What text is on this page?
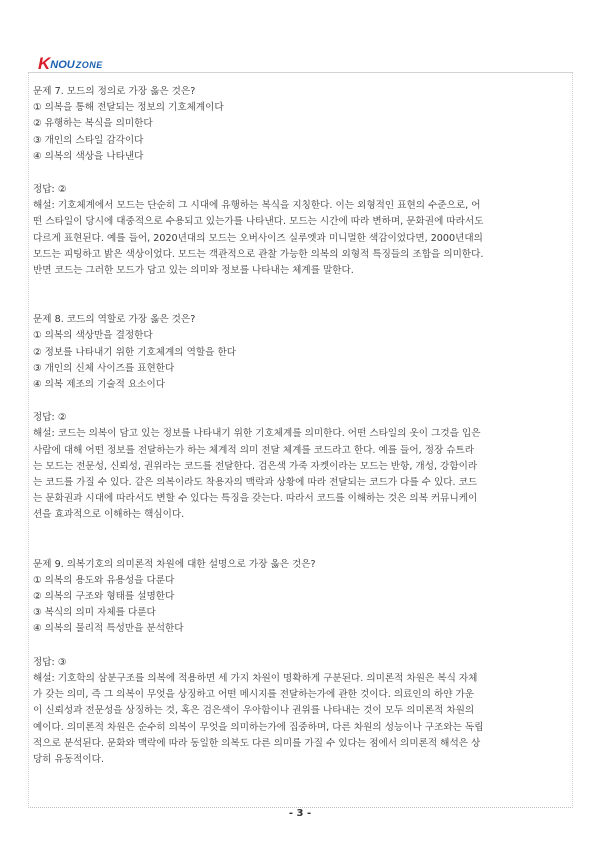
K NOU ZONE
문제 7. 모드의 정의로 가장 옳은 것은?
① 의복을 통해 전달되는 정보의 기호체계이다
② 유행하는 복식을 의미한다
③ 개인의 스타일 감각이다
④ 의복의 색상을 나타낸다
정답: ②
해설: 기호체계에서 모드는 단순히 그 시대에 유행하는 복식을 지칭한다. 이는 외형적인 표현의 수준으로, 어
떤 스타일이 당시에 대중적으로 수용되고 있는가를 나타낸다. 모드는 시간에 따라 변하며, 문화권에 따라서도
다르게 표현된다. 예를 들어, 2020년대의 모드는 오버사이즈 실루엣과 미니멀한 색감이었다면, 2000년대의
모드는 피팅하고 밝은 색상이었다. 모드는 객관적으로 관찰 가능한 의복의 외형적 특징들의 조합을 의미한다.
반면 코드는 그러한 모드가 담고 있는 의미와 정보를 나타내는 체계를 말한다.
문제 8. 코드의 역할로 가장 옳은 것은?
① 의복의 색상만을 결정한다
② 정보를 나타내기 위한 기호체계의 역할을 한다
③ 개인의 신체 사이즈를 표현한다
④ 의복 제조의 기술적 요소이다
정답: ②
해설: 코드는 의복이 담고 있는 정보를 나타내기 위한 기호체계를 의미한다. 어떤 스타일의 옷이 그것을 입은
사람에 대해 어떤 정보를 전달하는가 하는 체계적 의미 전달 체계를 코드라고 한다. 예를 들어, 정장 슈트라
는 모드는 전문성, 신뢰성, 권위라는 코드를 전달한다. 검은색 가죽 자켓이라는 모드는 반항, 개성, 강함이라
는 코드를 가질 수 있다. 같은 의복이라도 착용자의 맥락과 상황에 따라 전달되는 코드가 다를 수 있다. 코드
는 문화권과 시대에 따라서도 변할 수 있다는 특징을 갖는다. 따라서 코드를 이해하는 것은 의복 커뮤니케이
션을 효과적으로 이해하는 핵심이다.
문제 9. 의복기호의 의미론적 차원에 대한 설명으로 가장 옳은 것은?
① 의복의 용도와 유용성을 다룬다
② 의복의 구조와 형태를 설명한다
③ 복식의 의미 자체를 다룬다
④ 의복의 물리적 특성만을 분석한다
정답: ③
해설: 기호학의 삼분구조를 의복에 적용하면 세 가지 차원이 명확하게 구분된다. 의미론적 차원은 복식 자체
가 갖는 의미, 즉 그 의복이 무엇을 상징하고 어떤 메시지를 전달하는가에 관한 것이다. 의료인의 하얀 가운
이 신뢰성과 전문성을 상징하는 것, 혹은 검은색이 우아함이나 권위를 나타내는 것이 모두 의미론적 차원의
예이다. 의미론적 차원은 순수히 의복이 무엇을 의미하는가에 집중하며, 다른 차원의 성능이나 구조와는 독립
적으로 분석된다. 문화와 맥락에 따라 동일한 의복도 다른 의미를 가질 수 있다는 점에서 의미론적 해석은 상
당히 유동적이다.
- 3 -
